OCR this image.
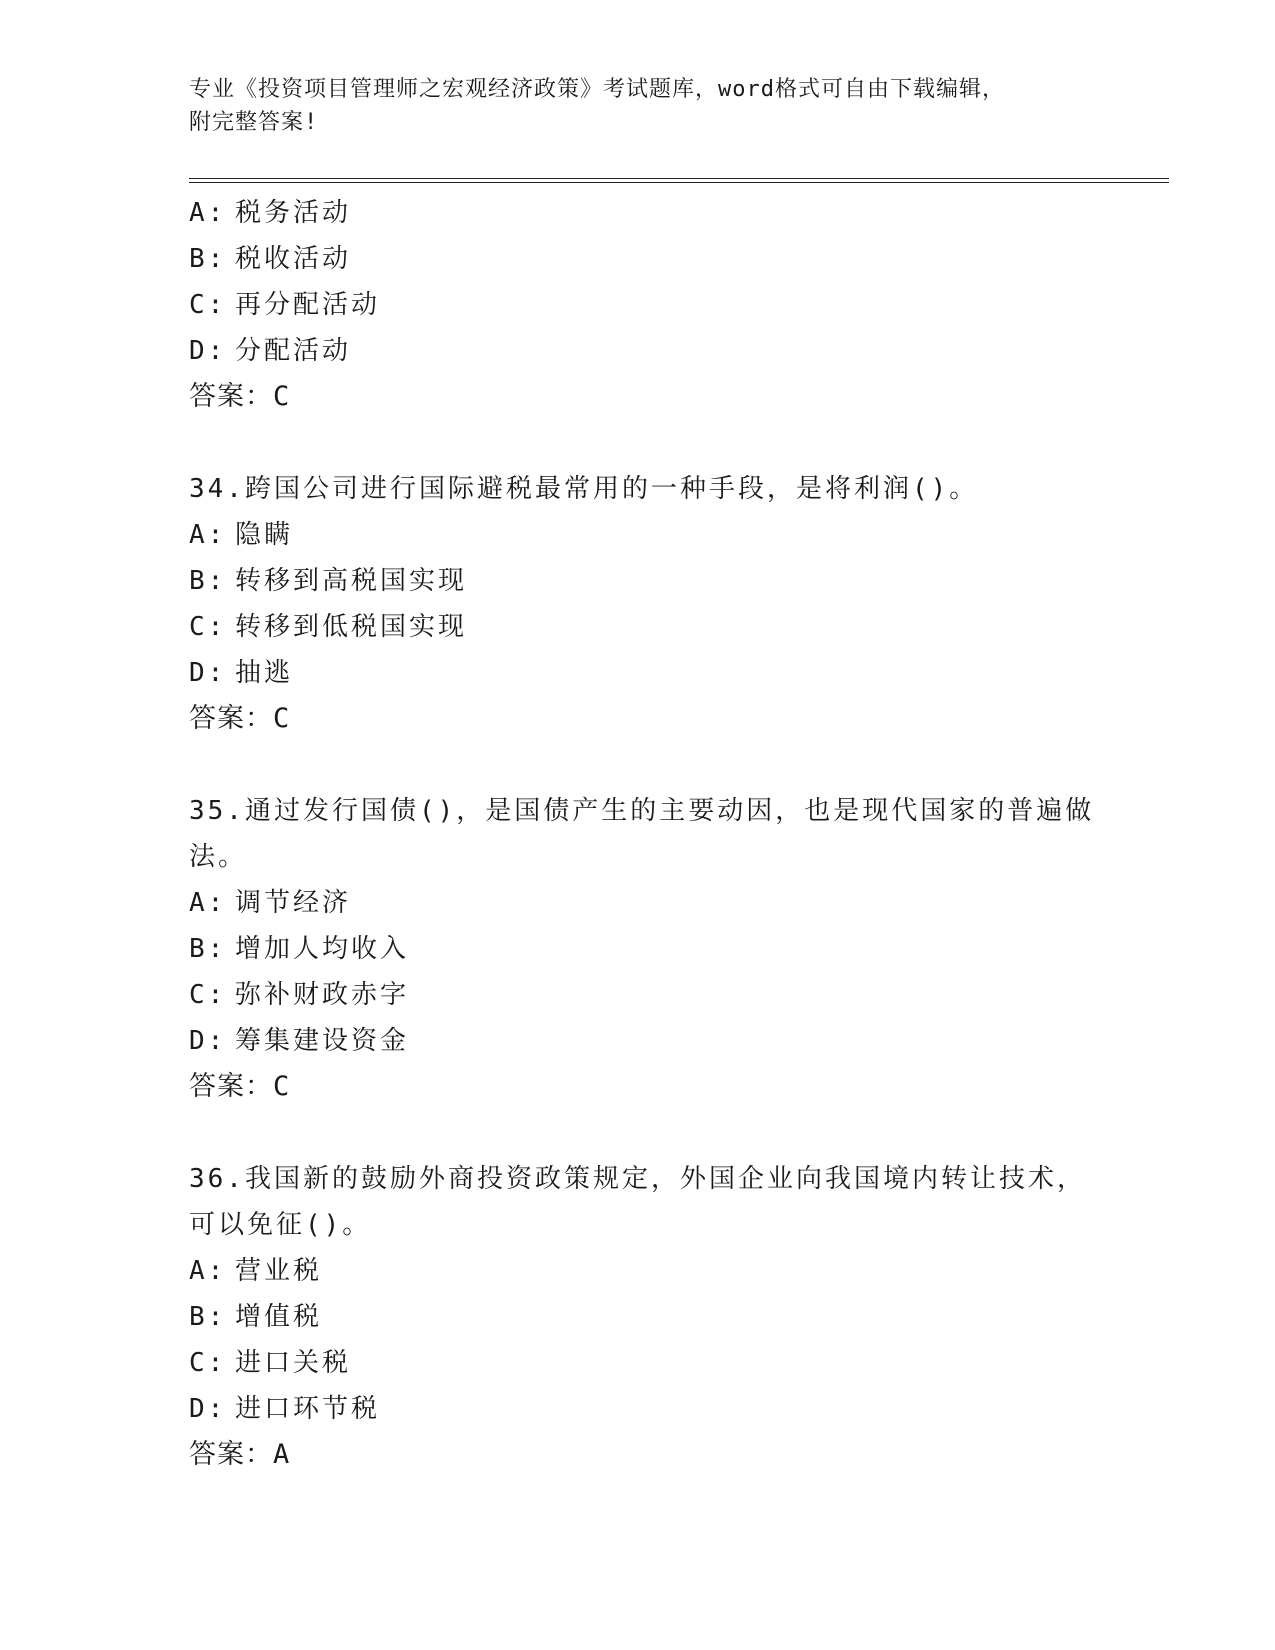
专业《投资项目管理师之宏观经济政策》考试题库，word格式可自由下载编辑，
附完整答案!
A: 税务活动
B: 税收活动
C: 再分配活动
D: 分配活动
答案：C
34.跨国公司进行国际避税最常用的一种手段，是将利润()。
A: 隐瞒
B: 转移到高税国实现
C: 转移到低税国实现
D: 抽逃
答案：C
35.通过发行国债()，是国债产生的主要动因，也是现代国家的普遍做
法。
A: 调节经济
B: 增加人均收入
C: 弥补财政赤字
D: 筹集建设资金
答案：C
36.我国新的鼓励外商投资政策规定，外国企业向我国境内转让技术，
可以免征()。
A: 营业税
B: 增值税
C: 进口关税
D: 进口环节税
答案：A
